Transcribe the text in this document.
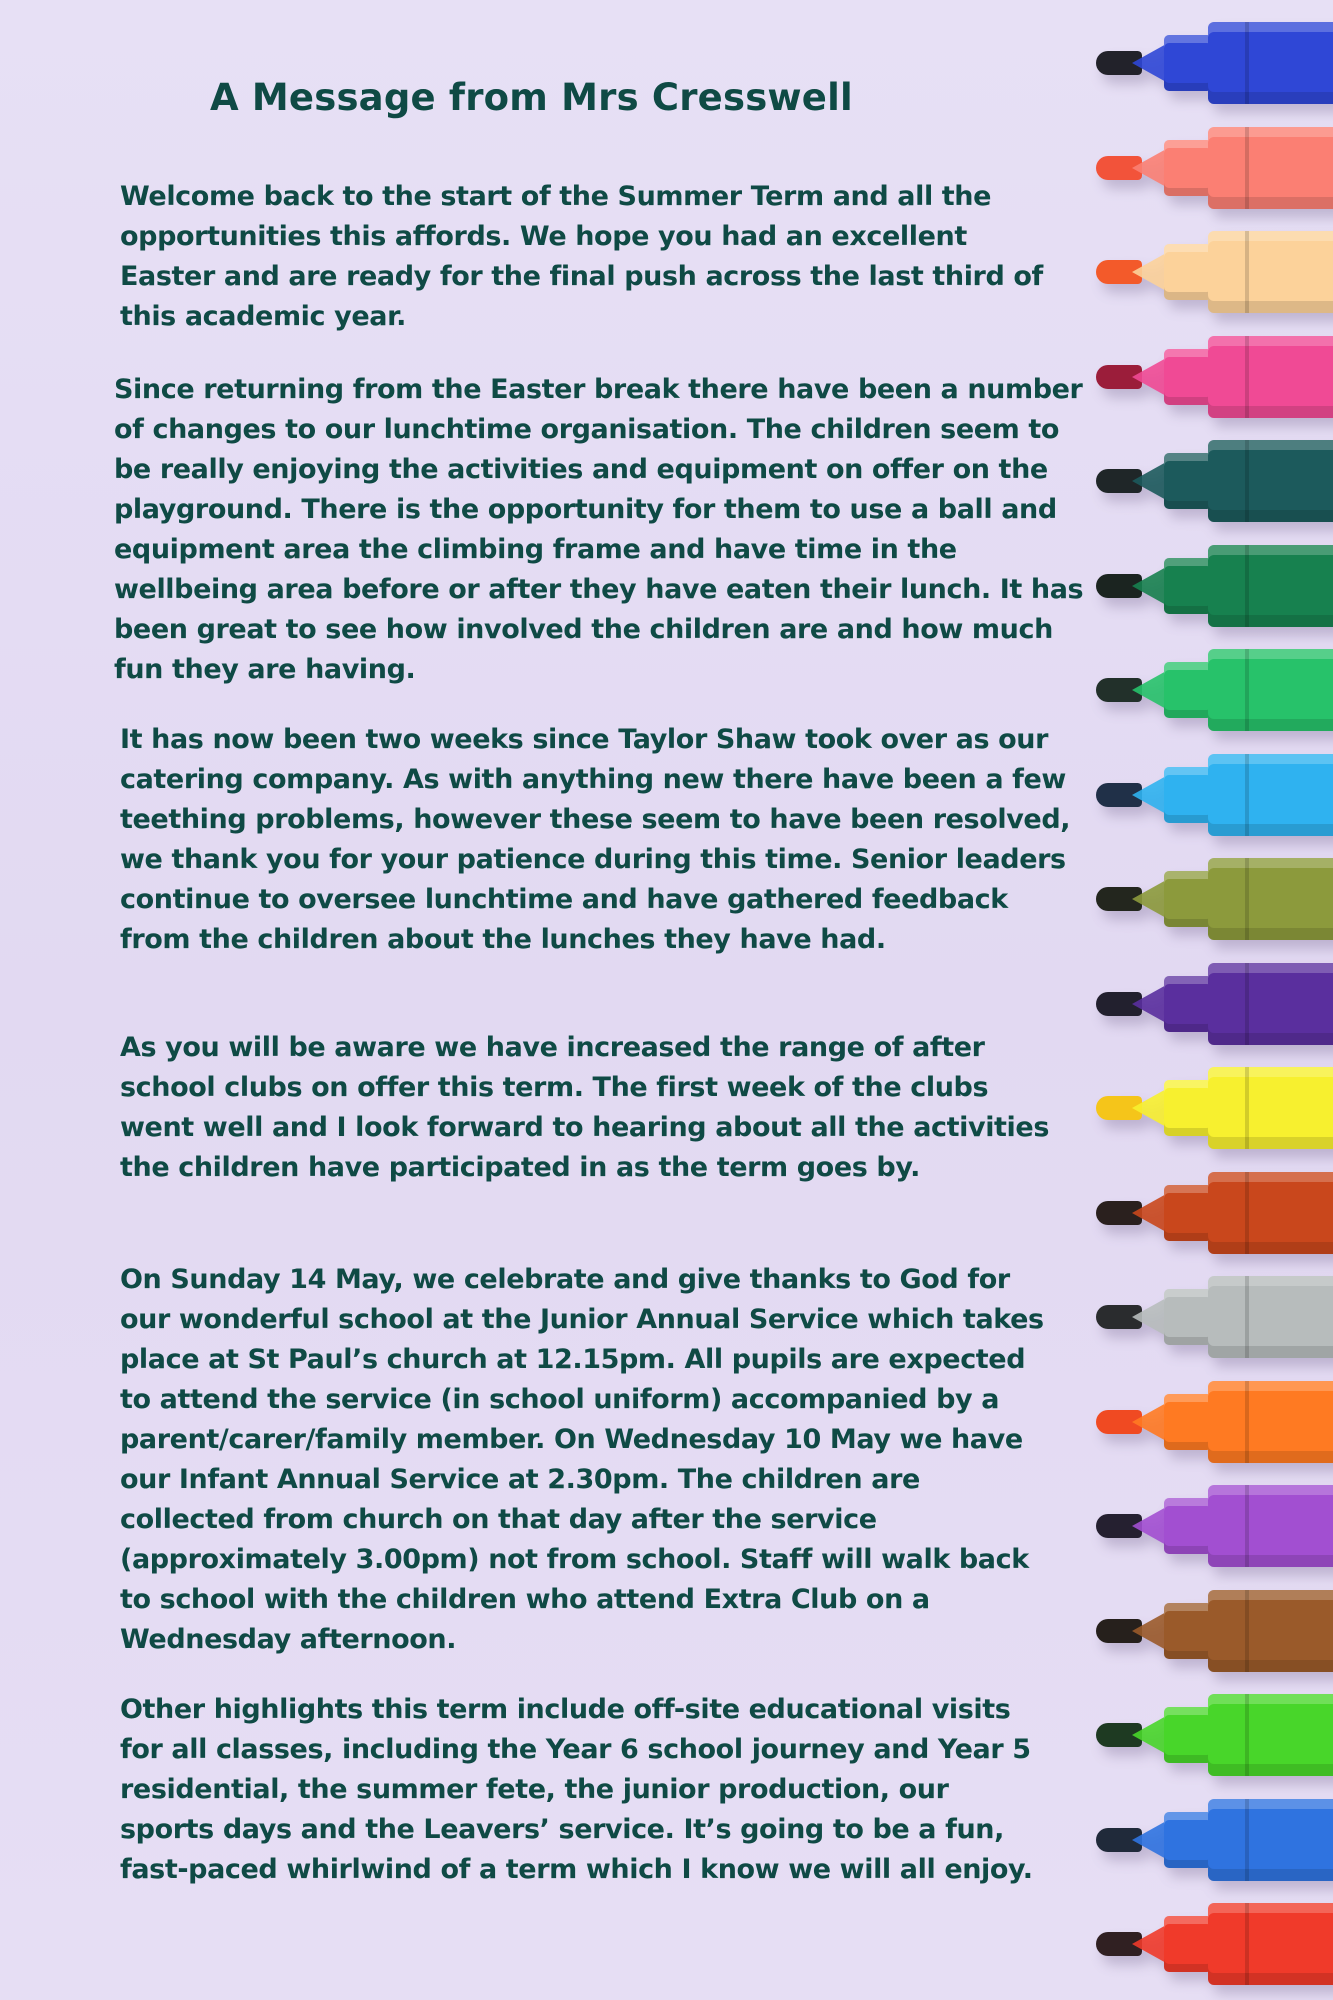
A Message from Mrs Cresswell

Welcome back to the start of the Summer Term and all the opportunities this affords. We hope you had an excellent Easter and are ready for the final push across the last third of this academic year.

Since returning from the Easter break there have been a number of changes to our lunchtime organisation. The children seem to be really enjoying the activities and equipment on offer on the playground. There is the opportunity for them to use a ball and equipment area the climbing frame and have time in the wellbeing area before or after they have eaten their lunch. It has been great to see how involved the children are and how much fun they are having.

It has now been two weeks since Taylor Shaw took over as our catering company. As with anything new there have been a few teething problems, however these seem to have been resolved, we thank you for your patience during this time. Senior leaders continue to oversee lunchtime and have gathered feedback from the children about the lunches they have had.

As you will be aware we have increased the range of after school clubs on offer this term. The first week of the clubs went well and I look forward to hearing about all the activities the children have participated in as the term goes by.

On Sunday 14 May, we celebrate and give thanks to God for our wonderful school at the Junior Annual Service which takes place at St Paul’s church at 12.15pm. All pupils are expected to attend the service (in school uniform) accompanied by a parent/carer/family member. On Wednesday 10 May we have our Infant Annual Service at 2.30pm. The children are collected from church on that day after the service (approximately 3.00pm) not from school. Staff will walk back to school with the children who attend Extra Club on a Wednesday afternoon.

Other highlights this term include off-site educational visits for all classes, including the Year 6 school journey and Year 5 residential, the summer fete, the junior production, our sports days and the Leavers’ service. It’s going to be a fun, fast-paced whirlwind of a term which I know we will all enjoy.
